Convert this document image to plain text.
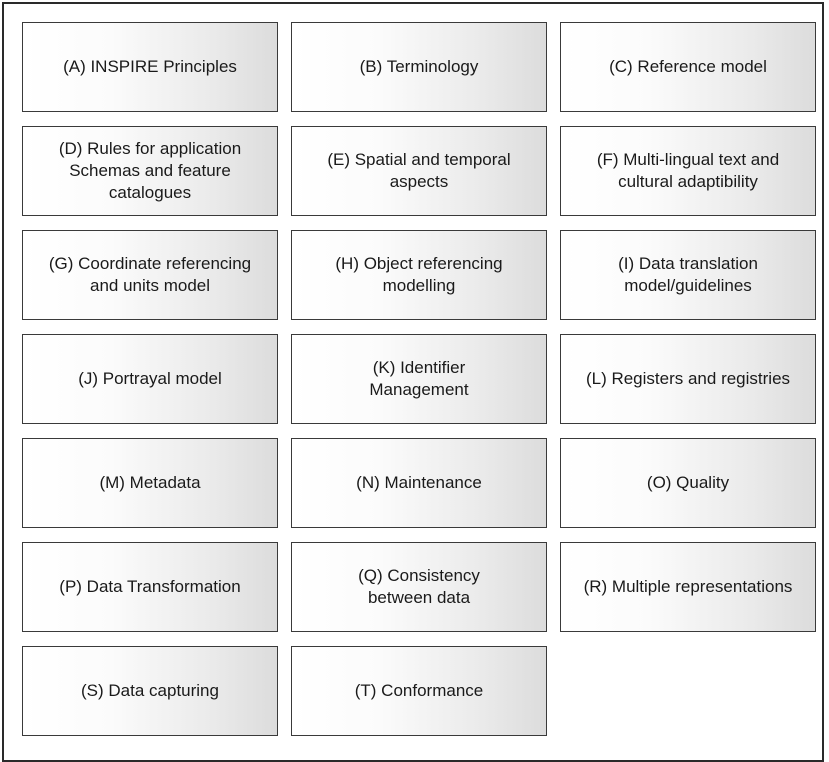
(A) INSPIRE Principles	(B) Terminology	(C) Reference model
(D) Rules for application
Schemas and feature
catalogues
(E) Spatial and temporal
aspects
(F) Multi-lingual text and
cultural adaptibility
(G) Coordinate referencing
and units model
(H) Object referencing
modelling
(I) Data translation
model/guidelines
(J) Portrayal model
(K) Identifier
Management
(L) Registers and registries
(M) Metadata	(N) Maintenance	(O) Quality
(P) Data Transformation
(Q) Consistency
between data
(R) Multiple representations
(S) Data capturing	(T) Conformance
